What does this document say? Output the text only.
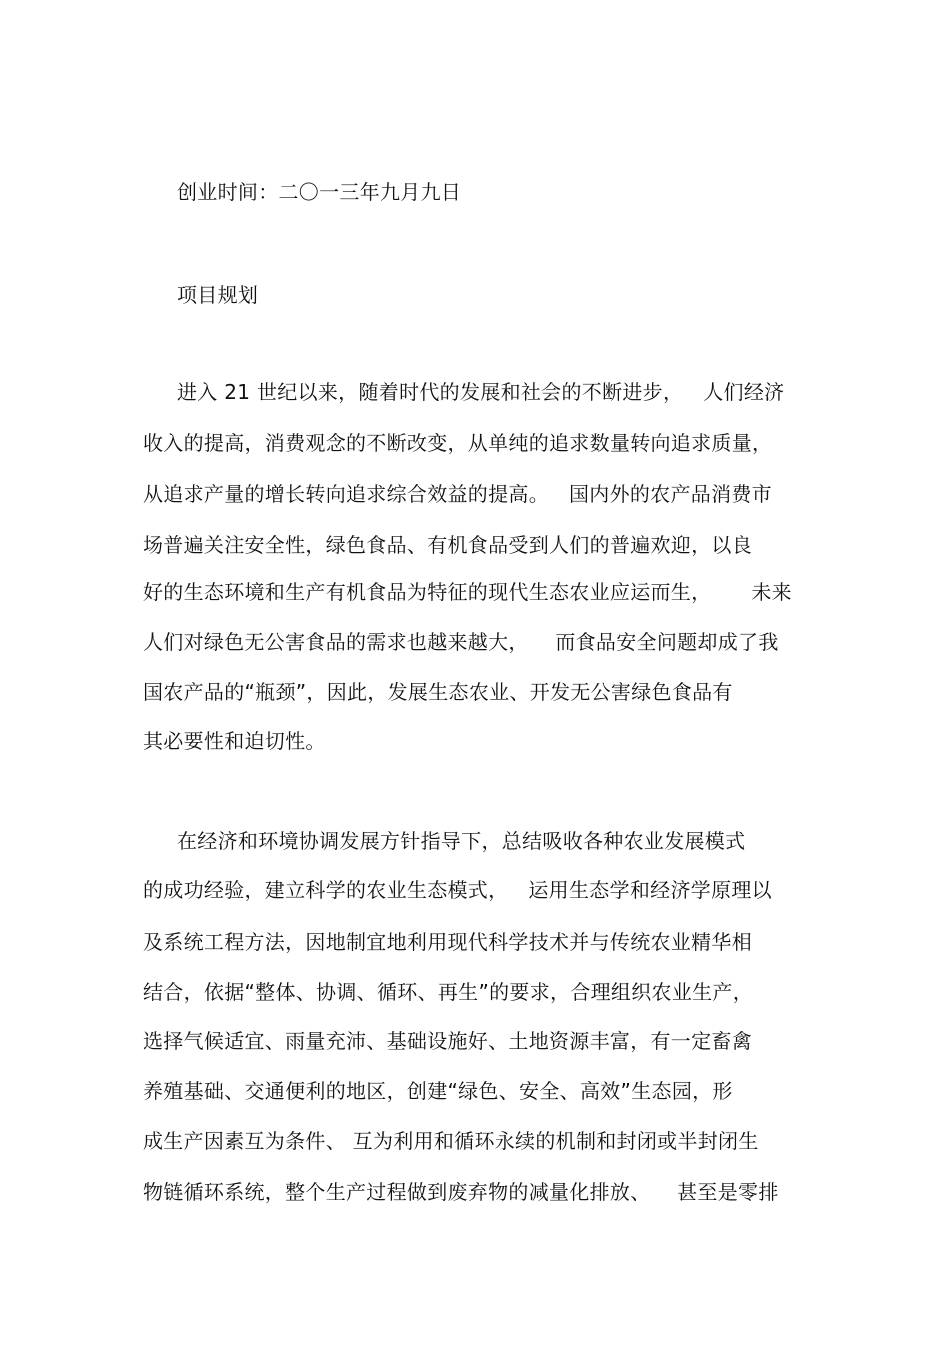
创业时间：二〇一三年九月九日
项目规划
进入 21 世纪以来，随着时代的发展和社会的不断进步，   人们经济
收入的提高，消费观念的不断改变，从单纯的追求数量转向追求质量，
从追求产量的增长转向追求综合效益的提高。   国内外的农产品消费市
场普遍关注安全性，绿色食品、有机食品受到人们的普遍欢迎，以良
好的生态环境和生产有机食品为特征的现代生态农业应运而生，      未来
人们对绿色无公害食品的需求也越来越大，    而食品安全问题却成了我
国农产品的“瓶颈”，因此，发展生态农业、开发无公害绿色食品有
其必要性和迫切性。
在经济和环境协调发展方针指导下，总结吸收各种农业发展模式
的成功经验，建立科学的农业生态模式，   运用生态学和经济学原理以
及系统工程方法，因地制宜地利用现代科学技术并与传统农业精华相
结合，依据“整体、协调、循环、再生”的要求，合理组织农业生产，
选择气候适宜、雨量充沛、基础设施好、土地资源丰富，有一定畜禽
养殖基础、交通便利的地区，创建“绿色、安全、高效”生态园，形
成生产因素互为条件、 互为利用和循环永续的机制和封闭或半封闭生
物链循环系统，整个生产过程做到废弃物的减量化排放、    甚至是零排
